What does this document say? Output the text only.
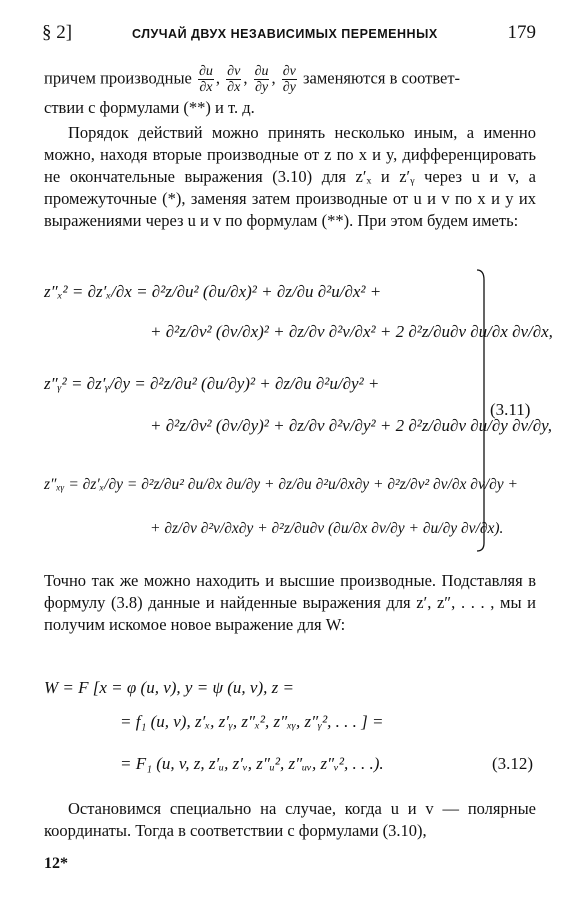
§ 2]	СЛУЧАЙ ДВУХ НЕЗАВИСИМЫХ ПЕРЕМЕННЫХ	179
причем производные $\frac{\partial u}{\partial x}$ , $\frac{\partial v}{\partial x}$ , $\frac{\partial u}{\partial y}$ , $\frac{\partial v}{\partial y}$ заменяются в соответ-
ствии с формулами (**) и т. д.
Порядок действий можно принять несколько иным, а именно можно, находя вторые производные от z по x и y, дифференцировать не окончательные выражения (3.10) для z′ₓ и z′ᵧ через u и v, а промежуточные (*), заменяя затем производные от u и v по x и y их выражениями через u и v по формулам (**). При этом будем иметь:
z″ₓ² = ∂z′ₓ/∂x = ∂²z/∂u² (∂u/∂x)² + ∂z/∂u ∂²u/∂x² +
+ ∂²z/∂v² (∂v/∂x)² + ∂z/∂v ∂²v/∂x² + 2 ∂²z/∂u∂v ∂u/∂x ∂v/∂x,
z″ᵧ² = ∂z′ᵧ/∂y = ∂²z/∂u² (∂u/∂y)² + ∂z/∂u ∂²u/∂y² +
+ ∂²z/∂v² (∂v/∂y)² + ∂z/∂v ∂²v/∂y² + 2 ∂²z/∂u∂v ∂u/∂y ∂v/∂y,
z″ₓᵧ = ∂z′ₓ/∂y = ∂²z/∂u² ∂u/∂x ∂u/∂y + ∂z/∂u ∂²u/∂x∂y + ∂²z/∂v² ∂v/∂x ∂v/∂y +
+ ∂z/∂v ∂²v/∂x∂y + ∂²z/∂u∂v (∂u/∂x ∂v/∂y + ∂u/∂y ∂v/∂x).
(3.11)
Точно так же можно находить и высшие производные. Подставляя в формулу (3.8) данные и найденные выражения для z′, z″, . . . , мы и получим искомое новое выражение для W:
W = F [x = φ (u, v), y = ψ (u, v), z =
= f₁ (u, v), z′ₓ, z′ᵧ, z″ₓ², z″ₓᵧ, z″ᵧ², . . . ] =
= F₁ (u, v, z, z′ᵤ, z′ᵥ, z″ᵤ², z″ᵤᵥ, z″ᵥ², . . .).	(3.12)
Остановимся специально на случае, когда u и v — полярные координаты. Тогда в соответствии с формулами (3.10),
12*
